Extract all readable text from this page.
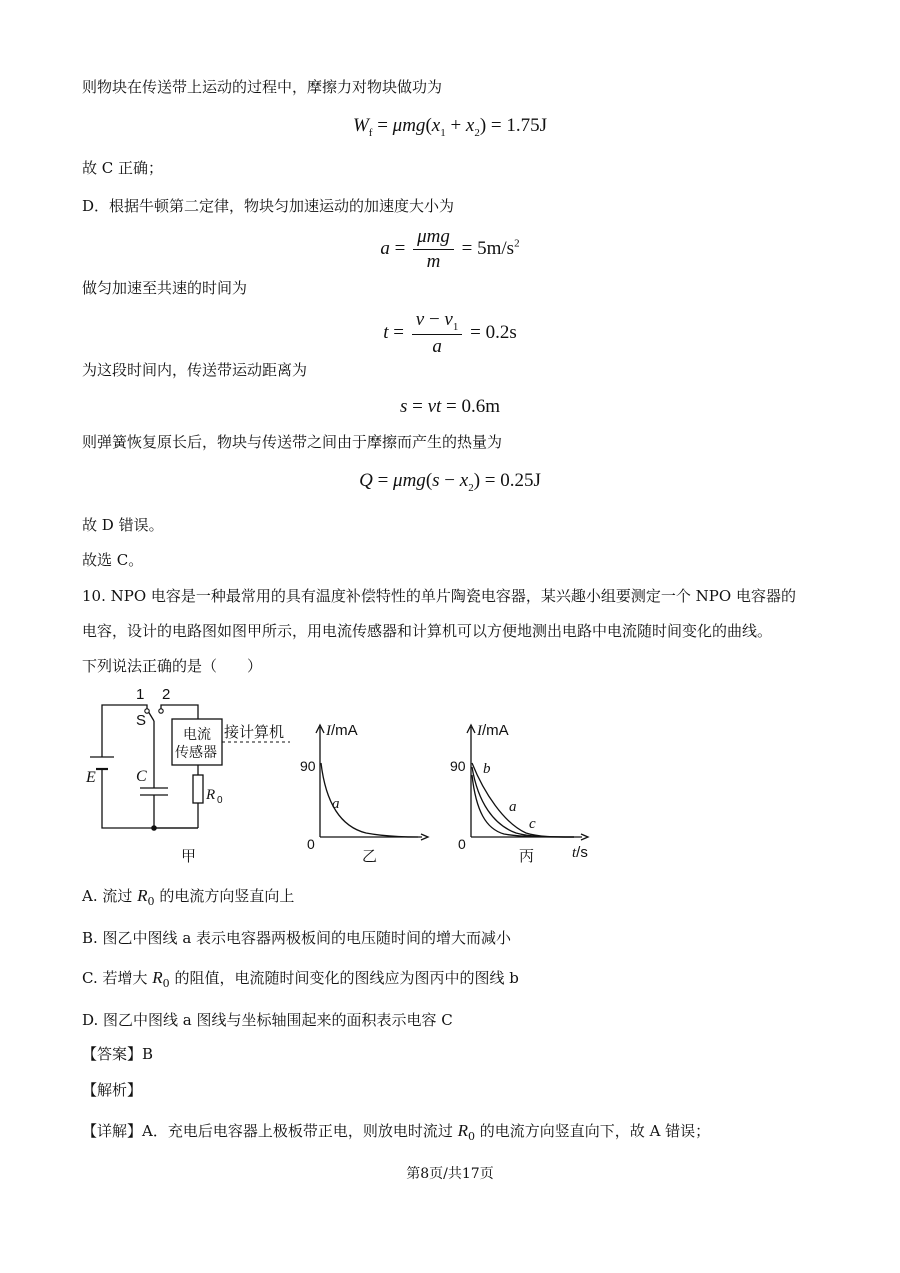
则物块在传送带上运动的过程中，摩擦力对物块做功为
$W_f = \mu mg(x_1 + x_2) = 1.75J$
故 C 正确；
D．根据牛顿第二定律，物块匀加速运动的加速度大小为
$a = \frac{\text{μmg}}{m} = 5m/s^2$
做匀加速至共速的时间为
$t = \frac{v - v_1}{a} = 0.2s$
为这段时间内，传送带运动距离为
s = vt = 0.6m
则弹簧恢复原长后，物块与传送带之间由于摩擦而产生的热量为
$Q = \mu mg(s - x_2) = 0.25J$
故 D 错误。
故选 C。
10. NPO 电容是一种最常用的具有温度补偿特性的单片陶瓷电容器，某兴趣小组要测定一个 NPO 电容器的
电容，设计的电路图如图甲所示，用电流传感器和计算机可以方便地测出电路中电流随时间变化的曲线。
下列说法正确的是（　　）
1 2
S
E	C
R 0
电流
传感器
接计算机
甲
I/mA
90
0
a
乙
I/mA
90
0
b
a
c
丙	t/s
A. 流过 $R_0$ 的电流方向竖直向上
B. 图乙中图线 a 表示电容器两极板间的电压随时间的增大而减小
C. 若增大 $R_0$ 的阻值，电流随时间变化的图线应为图丙中的图线 b
D. 图乙中图线 a 图线与坐标轴围起来的面积表示电容 C
【答案】B
【解析】
【详解】A．充电后电容器上极板带正电，则放电时流过 $R_0$ 的电流方向竖直向下，故 A 错误；
第8页/共17页
